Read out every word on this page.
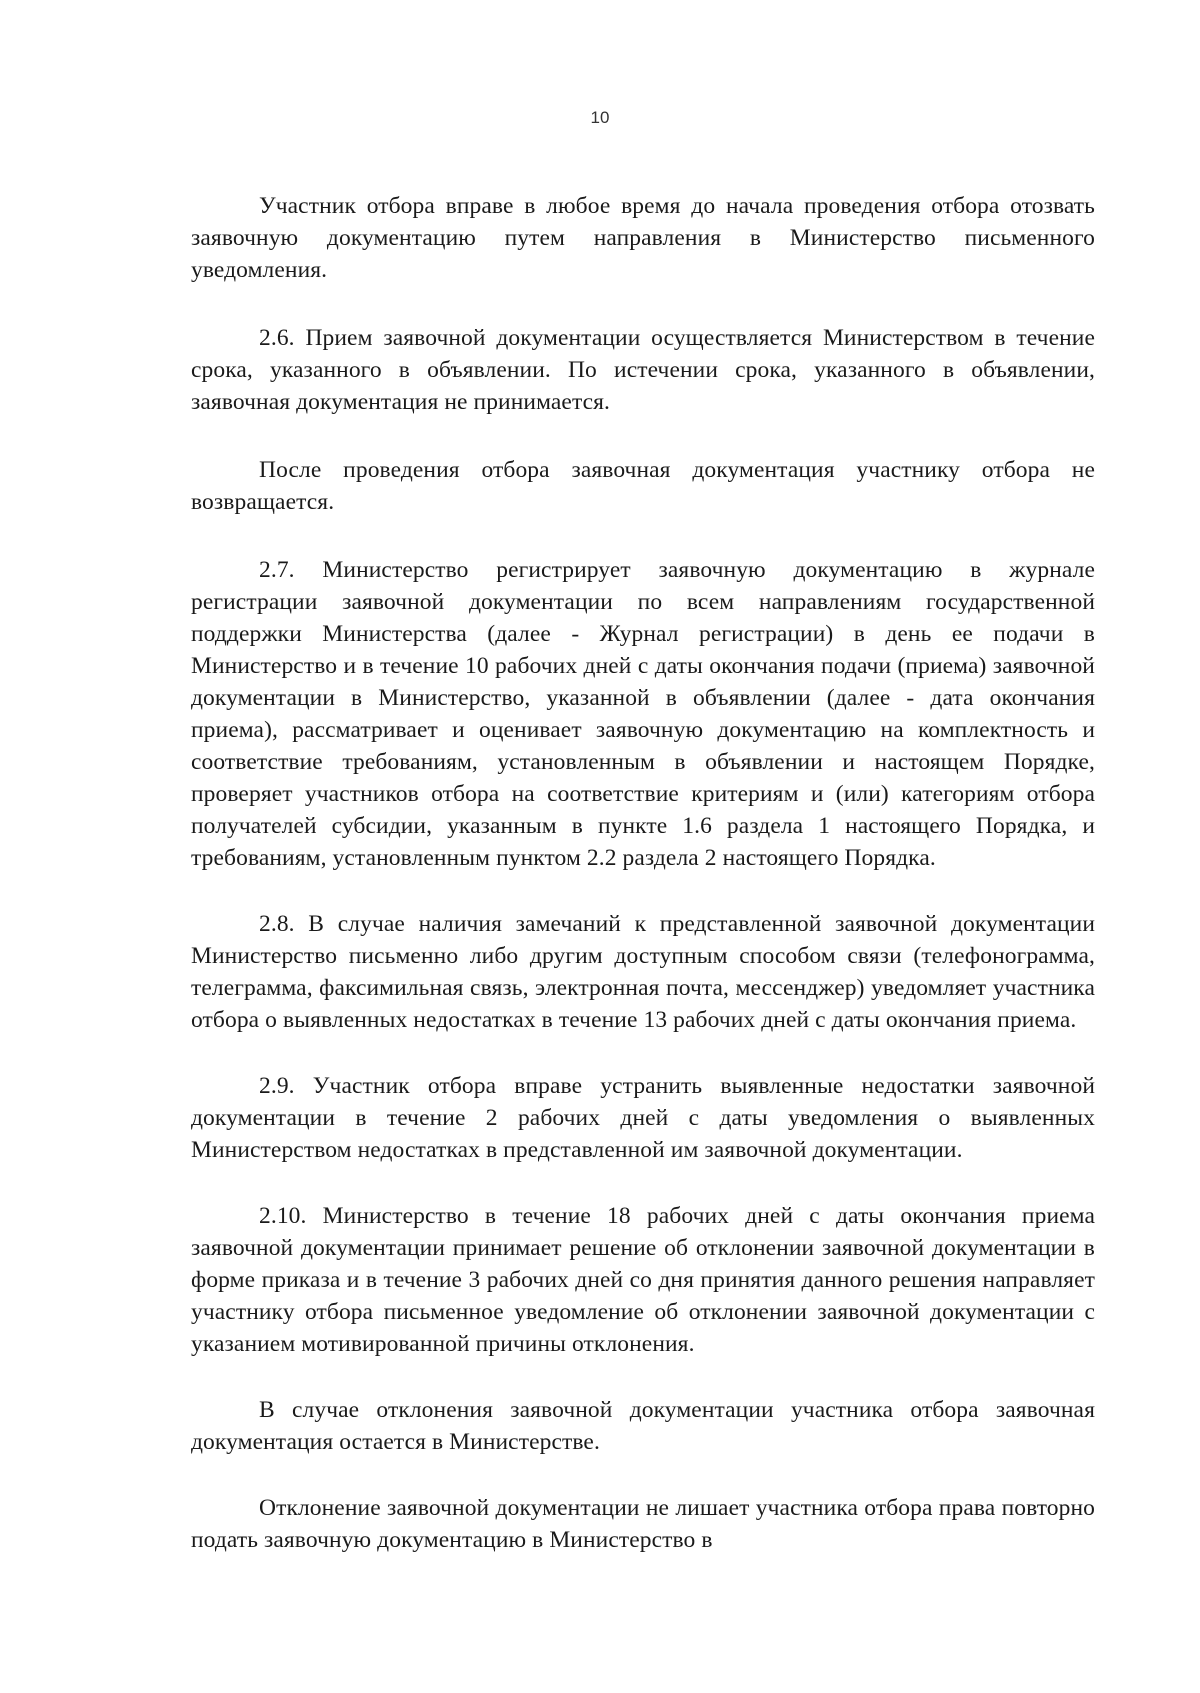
10

Участник отбора вправе в любое время до начала проведения отбора отозвать заявочную документацию путем направления в Министерство письменного уведомления.

2.6. Прием заявочной документации осуществляется Министерством в течение срока, указанного в объявлении. По истечении срока, указанного в объявлении, заявочная документация не принимается.

После проведения отбора заявочная документация участнику отбора не возвращается.

2.7. Министерство регистрирует заявочную документацию в журнале регистрации заявочной документации по всем направлениям государственной поддержки Министерства (далее - Журнал регистрации) в день ее подачи в Министерство и в течение 10 рабочих дней с даты окончания подачи (приема) заявочной документации в Министерство, указанной в объявлении (далее - дата окончания приема), рассматривает и оценивает заявочную документацию на комплектность и соответствие требованиям, установленным в объявлении и настоящем Порядке, проверяет участников отбора на соответствие критериям и (или) категориям отбора получателей субсидии, указанным в пункте 1.6 раздела 1 настоящего Порядка, и требованиям, установленным пунктом 2.2 раздела 2 настоящего Порядка.

2.8. В случае наличия замечаний к представленной заявочной документации Министерство письменно либо другим доступным способом связи (телефонограмма, телеграмма, факсимильная связь, электронная почта, мессенджер) уведомляет участника отбора о выявленных недостатках в течение 13 рабочих дней с даты окончания приема.

2.9. Участник отбора вправе устранить выявленные недостатки заявочной документации в течение 2 рабочих дней с даты уведомления о выявленных Министерством недостатках в представленной им заявочной документации.

2.10. Министерство в течение 18 рабочих дней с даты окончания приема заявочной документации принимает решение об отклонении заявочной документации в форме приказа и в течение 3 рабочих дней со дня принятия данного решения направляет участнику отбора письменное уведомление об отклонении заявочной документации с указанием мотивированной причины отклонения.

В случае отклонения заявочной документации участника отбора заявочная документация остается в Министерстве.

Отклонение заявочной документации не лишает участника отбора права повторно подать заявочную документацию в Министерство в
